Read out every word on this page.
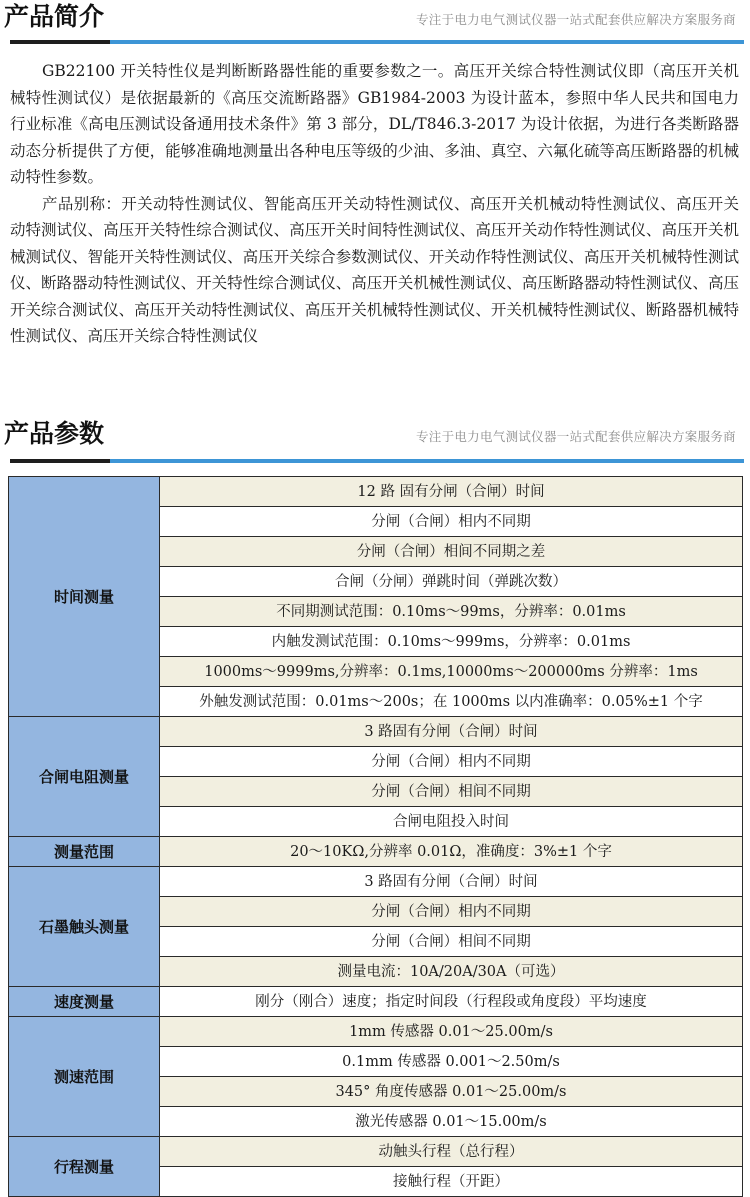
产品简介	专注于电力电气测试仪器一站式配套供应解决方案服务商

GB22100 开关特性仪是判断断路器性能的重要参数之一。高压开关综合特性测试仪即（高压开关机械特性测试仪）是依据最新的《高压交流断路器》GB1984-2003 为设计蓝本，参照中华人民共和国电力行业标准《高电压测试设备通用技术条件》第 3 部分，DL/T846.3-2017 为设计依据，为进行各类断路器动态分析提供了方便，能够准确地测量出各种电压等级的少油、多油、真空、六氟化硫等高压断路器的机械动特性参数。

产品别称：开关动特性测试仪、智能高压开关动特性测试仪、高压开关机械动特性测试仪、高压开关动特测试仪、高压开关特性综合测试仪、高压开关时间特性测试仪、高压开关动作特性测试仪、高压开关机械测试仪、智能开关特性测试仪、高压开关综合参数测试仪、开关动作特性测试仪、高压开关机械特性测试仪、断路器动特性测试仪、开关特性综合测试仪、高压开关机械性测试仪、高压断路器动特性测试仪、高压开关综合测试仪、高压开关动特性测试仪、高压开关机械特性测试仪、开关机械特性测试仪、断路器机械特性测试仪、高压开关综合特性测试仪

产品参数	专注于电力电气测试仪器一站式配套供应解决方案服务商
时间测量	12 路 固有分闸（合闸）时间
	分闸（合闸）相内不同期
	分闸（合闸）相间不同期之差
	合闸（分闸）弹跳时间（弹跳次数）
	不同期测试范围：0.10ms～99ms，分辨率：0.01ms
	内触发测试范围：0.10ms～999ms，分辨率：0.01ms
	1000ms～9999ms,分辨率：0.1ms,10000ms～200000ms 分辨率：1ms
	外触发测试范围：0.01ms～200s；在 1000ms 以内准确率：0.05%±1 个字
合闸电阻测量	3 路固有分闸（合闸）时间
	分闸（合闸）相内不同期
	分闸（合闸）相间不同期
	合闸电阻投入时间
测量范围	20～10KΩ,分辨率 0.01Ω，准确度：3%±1 个字
石墨触头测量	3 路固有分闸（合闸）时间
	分闸（合闸）相内不同期
	分闸（合闸）相间不同期
	测量电流：10A/20A/30A（可选）
速度测量	刚分（刚合）速度；指定时间段（行程段或角度段）平均速度
测速范围	1mm 传感器 0.01～25.00m/s
	0.1mm 传感器 0.001～2.50m/s
	345° 角度传感器 0.01～25.00m/s
	激光传感器 0.01～15.00m/s
行程测量	动触头行程（总行程）
	接触行程（开距）
